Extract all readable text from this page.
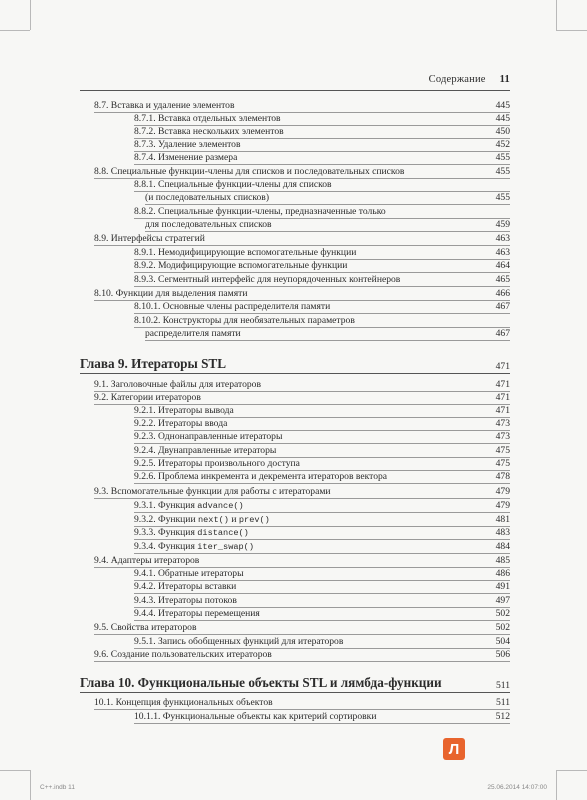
Содержание 11
8.7. Вставка и удаление элементов	445
8.7.1. Вставка отдельных элементов	445
8.7.2. Вставка нескольких элементов	450
8.7.3. Удаление элементов	452
8.7.4. Изменение размера	455
8.8. Специальные функции-члены для списков и последовательных списков	455
8.8.1. Специальные функции-члены для списков
(и последовательных списков)	455
8.8.2. Специальные функции-члены, предназначенные только
для последовательных списков	459
8.9. Интерфейсы стратегий	463
8.9.1. Немодифицирующие вспомогательные функции	463
8.9.2. Модифицирующие вспомогательные функции	464
8.9.3. Сегментный интерфейс для неупорядоченных контейнеров	465
8.10. Функции для выделения памяти	466
8.10.1. Основные члены распределителя памяти	467
8.10.2. Конструкторы для необязательных параметров
распределителя памяти	467
Глава 9. Итераторы STL	471
9.1. Заголовочные файлы для итераторов	471
9.2. Категории итераторов	471
9.2.1. Итераторы вывода	471
9.2.2. Итераторы ввода	473
9.2.3. Однонаправленные итераторы	473
9.2.4. Двунаправленные итераторы	475
9.2.5. Итераторы произвольного доступа	475
9.2.6. Проблема инкремента и декремента итераторов вектора	478
9.3. Вспомогательные функции для работы с итераторами	479
9.3.1. Функция advance()	479
9.3.2. Функции next() и prev()	481
9.3.3. Функция distance()	483
9.3.4. Функция iter_swap()	484
9.4. Адаптеры итераторов	485
9.4.1. Обратные итераторы	486
9.4.2. Итераторы вставки	491
9.4.3. Итераторы потоков	497
9.4.4. Итераторы перемещения	502
9.5. Свойства итераторов	502
9.5.1. Запись обобщенных функций для итераторов	504
9.6. Создание пользовательских итераторов	506
Глава 10. Функциональные объекты STL и лямбда-функции	511
10.1. Концепция функциональных объектов	511
10.1.1. Функциональные объекты как критерий сортировки	512
Л
C++.indb 11	25.06.2014 14:07:00
